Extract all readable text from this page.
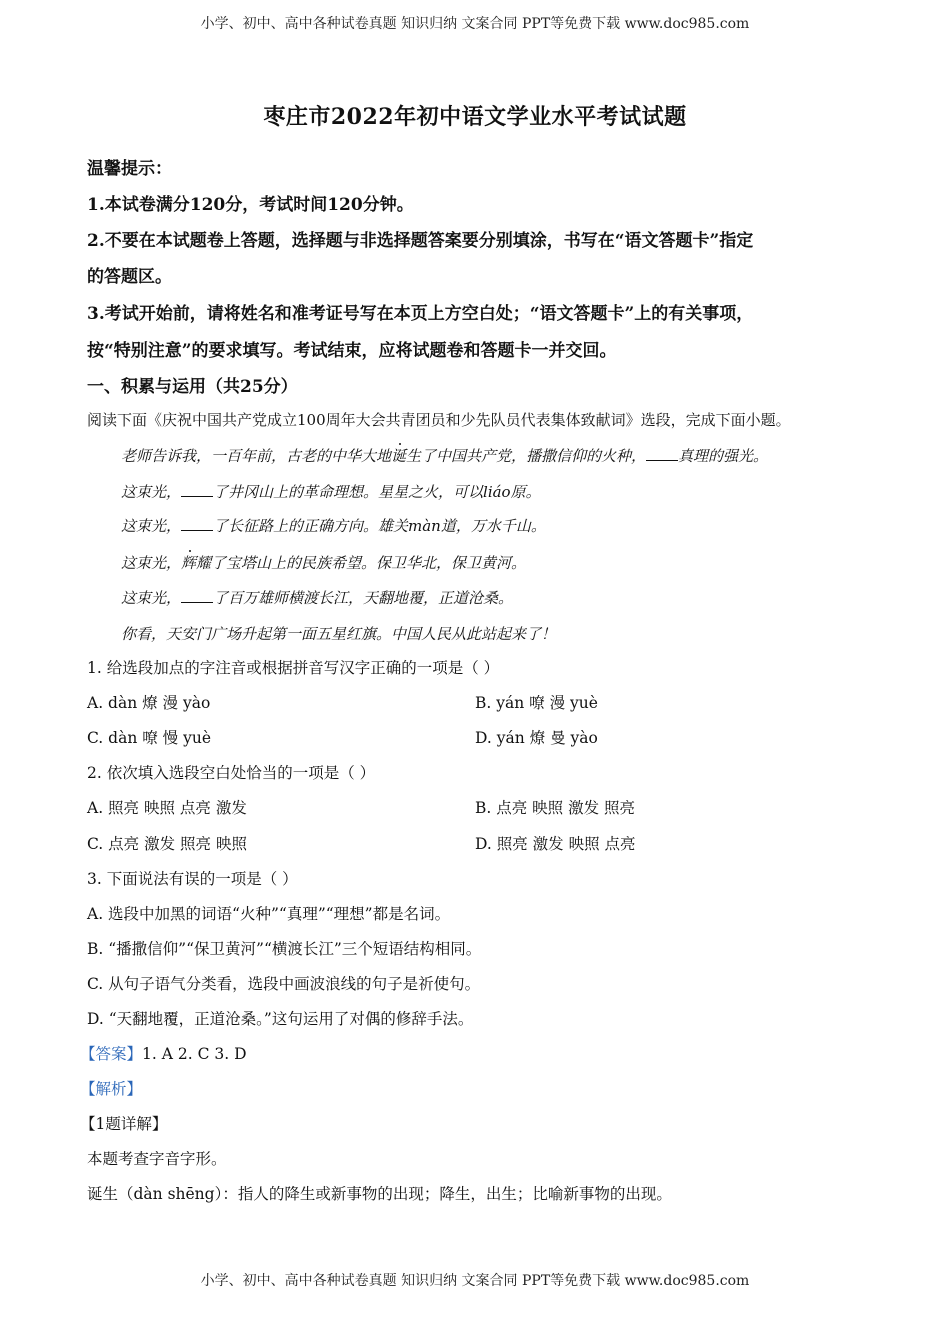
小学、初中、高中各种试卷真题 知识归纳 文案合同 PPT等免费下载 www.doc985.com
枣庄市2022年初中语文学业水平考试试题
温馨提示：
1.本试卷满分120分，考试时间120分钟。
2.不要在本试题卷上答题，选择题与非选择题答案要分别填涂，书写在“语文答题卡”指定
的答题区。
3.考试开始前，请将姓名和准考证号写在本页上方空白处；“语文答题卡”上的有关事项，
按“特别注意”的要求填写。考试结束，应将试题卷和答题卡一并交回。
一、积累与运用（共25分）
阅读下面《庆祝中国共产党成立100周年大会共青团员和少先队员代表集体致献词》选段，完成下面小题。
老师告诉我，一百年前，古老的中华大地诞生了中国共产党，播撒信仰的火种， 真理的强光。
这束光， 了井冈山上的革命理想。星星之火，可以liáo原。
这束光， 了长征路上的正确方向。雄关màn道，万水千山。
这束光，辉耀了宝塔山上的民族希望。保卫华北，保卫黄河。
这束光， 了百万雄师横渡长江，天翻地覆，正道沧桑。
你看，天安门广场升起第一面五星红旗。中国人民从此站起来了！
1. 给选段加点的字注音或根据拼音写汉字正确的一项是（ ）
A. dàn 燎 漫 yào	B. yán 嘹 漫 yuè
C. dàn 嘹 慢 yuè	D. yán 燎 曼 yào
2. 依次填入选段空白处恰当的一项是（ ）
A. 照亮 映照 点亮 激发	B. 点亮 映照 激发 照亮
C. 点亮 激发 照亮 映照	D. 照亮 激发 映照 点亮
3. 下面说法有误的一项是（ ）
A. 选段中加黑的词语“火种”“真理”“理想”都是名词。
B. “播撒信仰”“保卫黄河”“横渡长江”三个短语结构相同。
C. 从句子语气分类看，选段中画波浪线的句子是祈使句。
D. “天翻地覆，正道沧桑。”这句运用了对偶的修辞手法。
【答案】1. A 2. C 3. D
【解析】
【1题详解】
本题考查字音字形。
诞生（dàn shēng）：指人的降生或新事物的出现；降生，出生；比喻新事物的出现。
小学、初中、高中各种试卷真题 知识归纳 文案合同 PPT等免费下载 www.doc985.com
